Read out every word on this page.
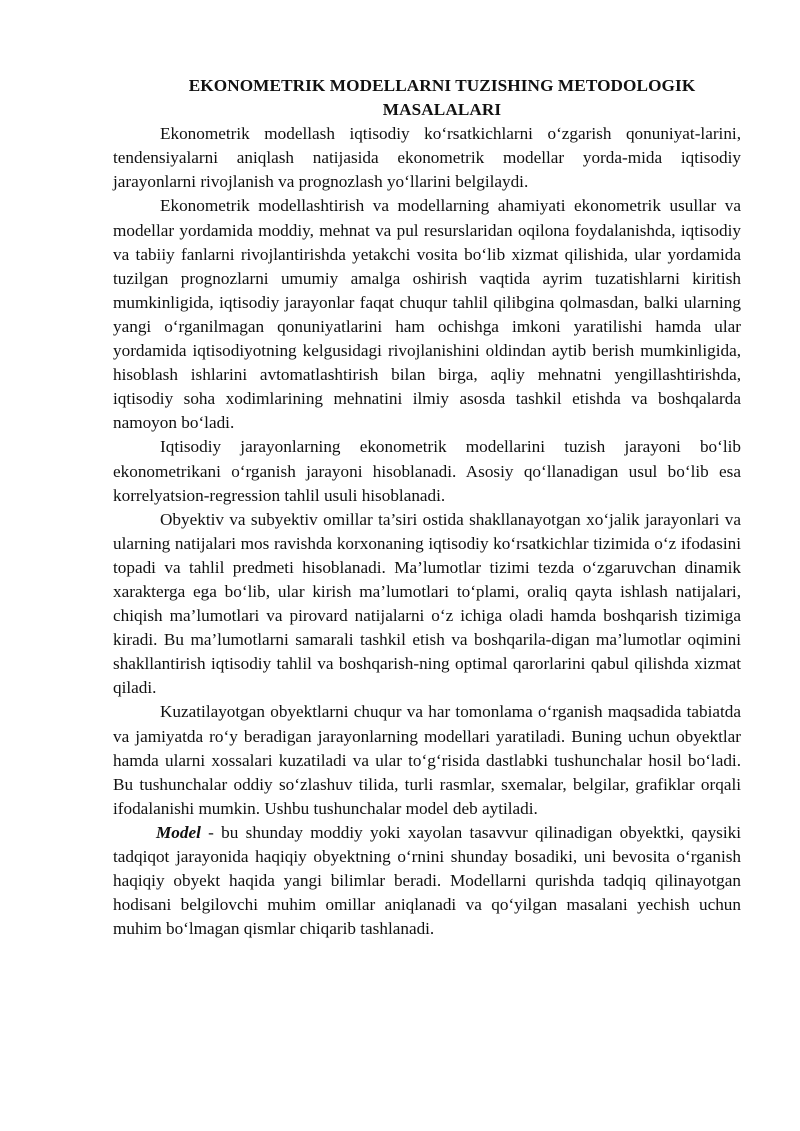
EKONOMETRIK MODELLARNI TUZISHING METODOLOGIK MASALALARI

Ekonometrik modellash iqtisodiy ko‘rsatkichlarni o‘zgarish qonuniyat-larini, tendensiyalarni aniqlash natijasida ekonometrik modellar yorda-mida iqtisodiy jarayonlarni rivojlanish va prognozlash yo‘llarini belgilaydi.

Ekonometrik modellashtirish va modellarning ahamiyati ekonometrik usullar va modellar yordamida moddiy, mehnat va pul resurslaridan oqilona foydalanishda, iqtisodiy va tabiiy fanlarni rivojlantirishda yetakchi vosita bo‘lib xizmat qilishida, ular yordamida tuzilgan prognozlarni umumiy amalga oshirish vaqtida ayrim tuzatishlarni kiritish mumkinligida, iqtisodiy jarayonlar faqat chuqur tahlil qilibgina qolmasdan, balki ularning yangi o‘rganilmagan qonuniyatlarini ham ochishga imkoni yaratilishi hamda ular yordamida iqtisodiyotning kelgusidagi rivojlanishini oldindan aytib berish mumkinligida, hisoblash ishlarini avtomatlashtirish bilan birga, aqliy mehnatni yengillashtirishda, iqtisodiy soha xodimlarining mehnatini ilmiy asosda tashkil etishda va boshqalarda namoyon bo‘ladi.

Iqtisodiy jarayonlarning ekonometrik modellarini tuzish jarayoni bo‘lib ekonometrikani o‘rganish jarayoni hisoblanadi. Asosiy qo‘llanadigan usul bo‘lib esa korrelyatsion-regression tahlil usuli hisoblanadi.

Obyektiv va subyektiv omillar ta’siri ostida shakllanayotgan xo‘jalik jarayonlari va ularning natijalari mos ravishda korxonaning iqtisodiy ko‘rsatkichlar tizimida o‘z ifodasini topadi va tahlil predmeti hisoblanadi. Ma’lumotlar tizimi tezda o‘zgaruvchan dinamik xarakterga ega bo‘lib, ular kirish ma’lumotlari to‘plami, oraliq qayta ishlash natijalari, chiqish ma’lumotlari va pirovard natijalarni o‘z ichiga oladi hamda boshqarish tizimiga kiradi. Bu ma’lumotlarni samarali tashkil etish va boshqarila-digan ma’lumotlar oqimini shakllantirish iqtisodiy tahlil va boshqarish-ning optimal qarorlarini qabul qilishda xizmat qiladi.

Kuzatilayotgan obyektlarni chuqur va har tomonlama o‘rganish maqsadida tabiatda va jamiyatda ro‘y beradigan jarayonlarning modellari yaratiladi. Buning uchun obyektlar hamda ularni xossalari kuzatiladi va ular to‘g‘risida dastlabki tushunchalar hosil bo‘ladi. Bu tushunchalar oddiy so‘zlashuv tilida, turli rasmlar, sxemalar, belgilar, grafiklar orqali ifodalanishi mumkin. Ushbu tushunchalar model deb aytiladi.

Model - bu shunday moddiy yoki xayolan tasavvur qilinadigan obyektki, qaysiki tadqiqot jarayonida haqiqiy obyektning o‘rnini shunday bosadiki, uni bevosita o‘rganish haqiqiy obyekt haqida yangi bilimlar beradi. Modellarni qurishda tadqiq qilinayotgan hodisani belgilovchi muhim omillar aniqlanadi va qo‘yilgan masalani yechish uchun muhim bo‘lmagan qismlar chiqarib tashlanadi.
